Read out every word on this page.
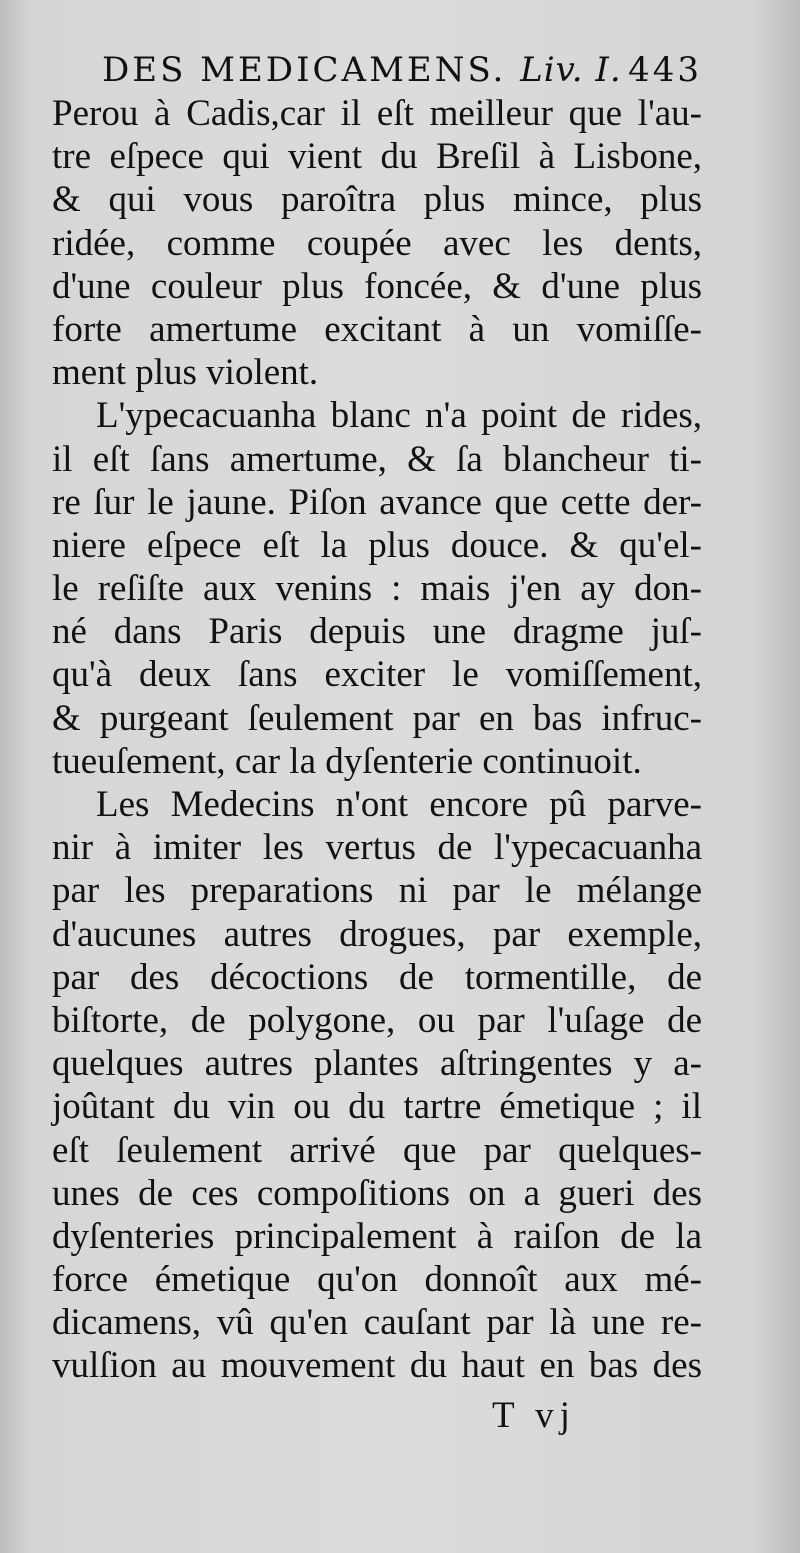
DES MEDICAMENS. Liv. I. 443
Perou à Cadis,car il eſt meilleur que l'au-
tre eſpece qui vient du Breſil à Lisbone,
& qui vous paroîtra plus mince, plus
ridée, comme coupée avec les dents,
d'une couleur plus foncée, & d'une plus
forte amertume excitant à un vomiſſe-
ment plus violent.
L'ypecacuanha blanc n'a point de rides,
il eſt ſans amertume, & ſa blancheur ti-
re ſur le jaune. Piſon avance que cette der-
niere eſpece eſt la plus douce. & qu'el-
le reſiſte aux venins : mais j'en ay don-
né dans Paris depuis une dragme juſ-
qu'à deux ſans exciter le vomiſſement,
& purgeant ſeulement par en bas infruc-
tueuſement, car la dyſenterie continuoit.
Les Medecins n'ont encore pû parve-
nir à imiter les vertus de l'ypecacuanha
par les preparations ni par le mélange
d'aucunes autres drogues, par exemple,
par des décoctions de tormentille, de
biſtorte, de polygone, ou par l'uſage de
quelques autres plantes aſtringentes y a-
joûtant du vin ou du tartre émetique ; il
eſt ſeulement arrivé que par quelques-
unes de ces compoſitions on a gueri des
dyſenteries principalement à raiſon de la
force émetique qu'on donnoît aux mé-
dicamens, vû qu'en cauſant par là une re-
vulſion au mouvement du haut en bas des
T vj
